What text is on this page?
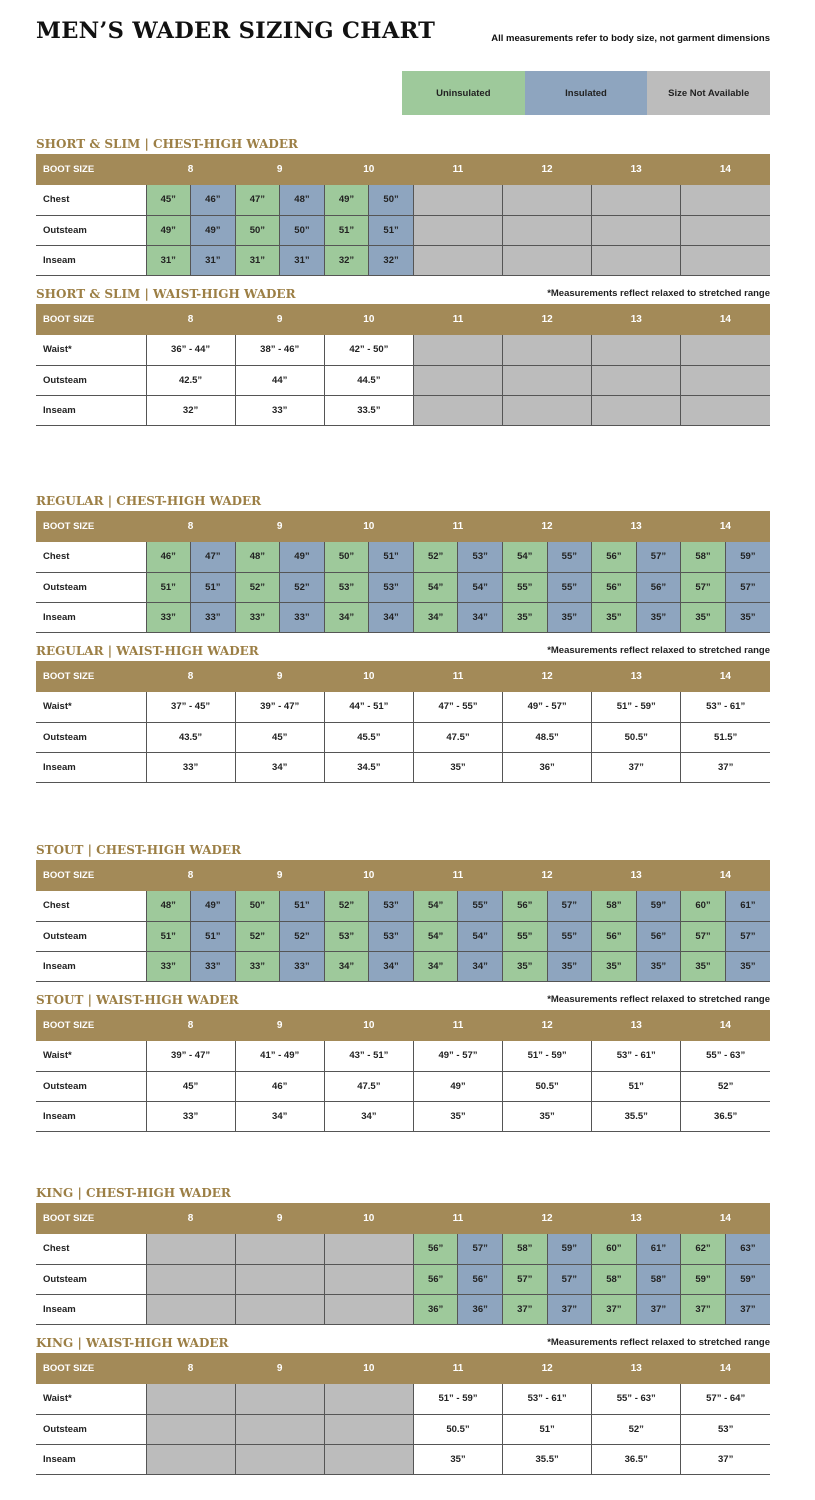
MEN’S WADER SIZING CHART	All measurements refer to body size, not garment dimensions
Uninsulated	Insulated	Size Not Available
SHORT & SLIM | CHEST-HIGH WADER
BOOT SIZE	8		9		10		11	12	13	14
Chest	45”	46”	47”	48”	49”	50”				
Outsteam	49”	49”	50”	50”	51”	51”				
Inseam	31”	31”	31”	31”	32”	32”				
SHORT & SLIM | WAIST-HIGH WADER	*Measurements reflect relaxed to stretched range
BOOT SIZE	8	9	10	11	12	13	14
Waist*	36” - 44”	38” - 46”	42” - 50”				
Outsteam	42.5”	44”	44.5”				
Inseam	32”	33”	33.5”				
REGULAR | CHEST-HIGH WADER
BOOT SIZE	8		9		10		11		12		13		14	
Chest	46”	47”	48”	49”	50”	51”	52”	53”	54”	55”	56”	57”	58”	59”
Outsteam	51”	51”	52”	52”	53”	53”	54”	54”	55”	55”	56”	56”	57”	57”
Inseam	33”	33”	33”	33”	34”	34”	34”	34”	35”	35”	35”	35”	35”	35”
REGULAR | WAIST-HIGH WADER	*Measurements reflect relaxed to stretched range
BOOT SIZE	8	9	10	11	12	13	14
Waist*	37” - 45”	39” - 47”	44” - 51”	47” - 55”	49” - 57”	51” - 59”	53” - 61”
Outsteam	43.5”	45”	45.5”	47.5”	48.5”	50.5”	51.5”
Inseam	33”	34”	34.5”	35”	36”	37”	37”
STOUT | CHEST-HIGH WADER
BOOT SIZE	8		9		10		11		12		13		14	
Chest	48”	49”	50”	51”	52”	53”	54”	55”	56”	57”	58”	59”	60”	61”
Outsteam	51”	51”	52”	52”	53”	53”	54”	54”	55”	55”	56”	56”	57”	57”
Inseam	33”	33”	33”	33”	34”	34”	34”	34”	35”	35”	35”	35”	35”	35”
STOUT | WAIST-HIGH WADER	*Measurements reflect relaxed to stretched range
BOOT SIZE	8	9	10	11	12	13	14
Waist*	39” - 47”	41” - 49”	43” - 51”	49” - 57”	51” - 59”	53” - 61”	55” - 63”
Outsteam	45”	46”	47.5”	49”	50.5”	51”	52”
Inseam	33”	34”	34”	35”	35”	35.5”	36.5”
KING | CHEST-HIGH WADER
BOOT SIZE	8	9	10	11		12		13		14	
Chest				56”	57”	58”	59”	60”	61”	62”	63”
Outsteam				56”	56”	57”	57”	58”	58”	59”	59”
Inseam				36”	36”	37”	37”	37”	37”	37”	37”
KING | WAIST-HIGH WADER	*Measurements reflect relaxed to stretched range
BOOT SIZE	8	9	10	11	12	13	14
Waist*				51” - 59”	53” - 61”	55” - 63”	57” - 64”
Outsteam				50.5”	51”	52”	53”
Inseam				35”	35.5”	36.5”	37”
